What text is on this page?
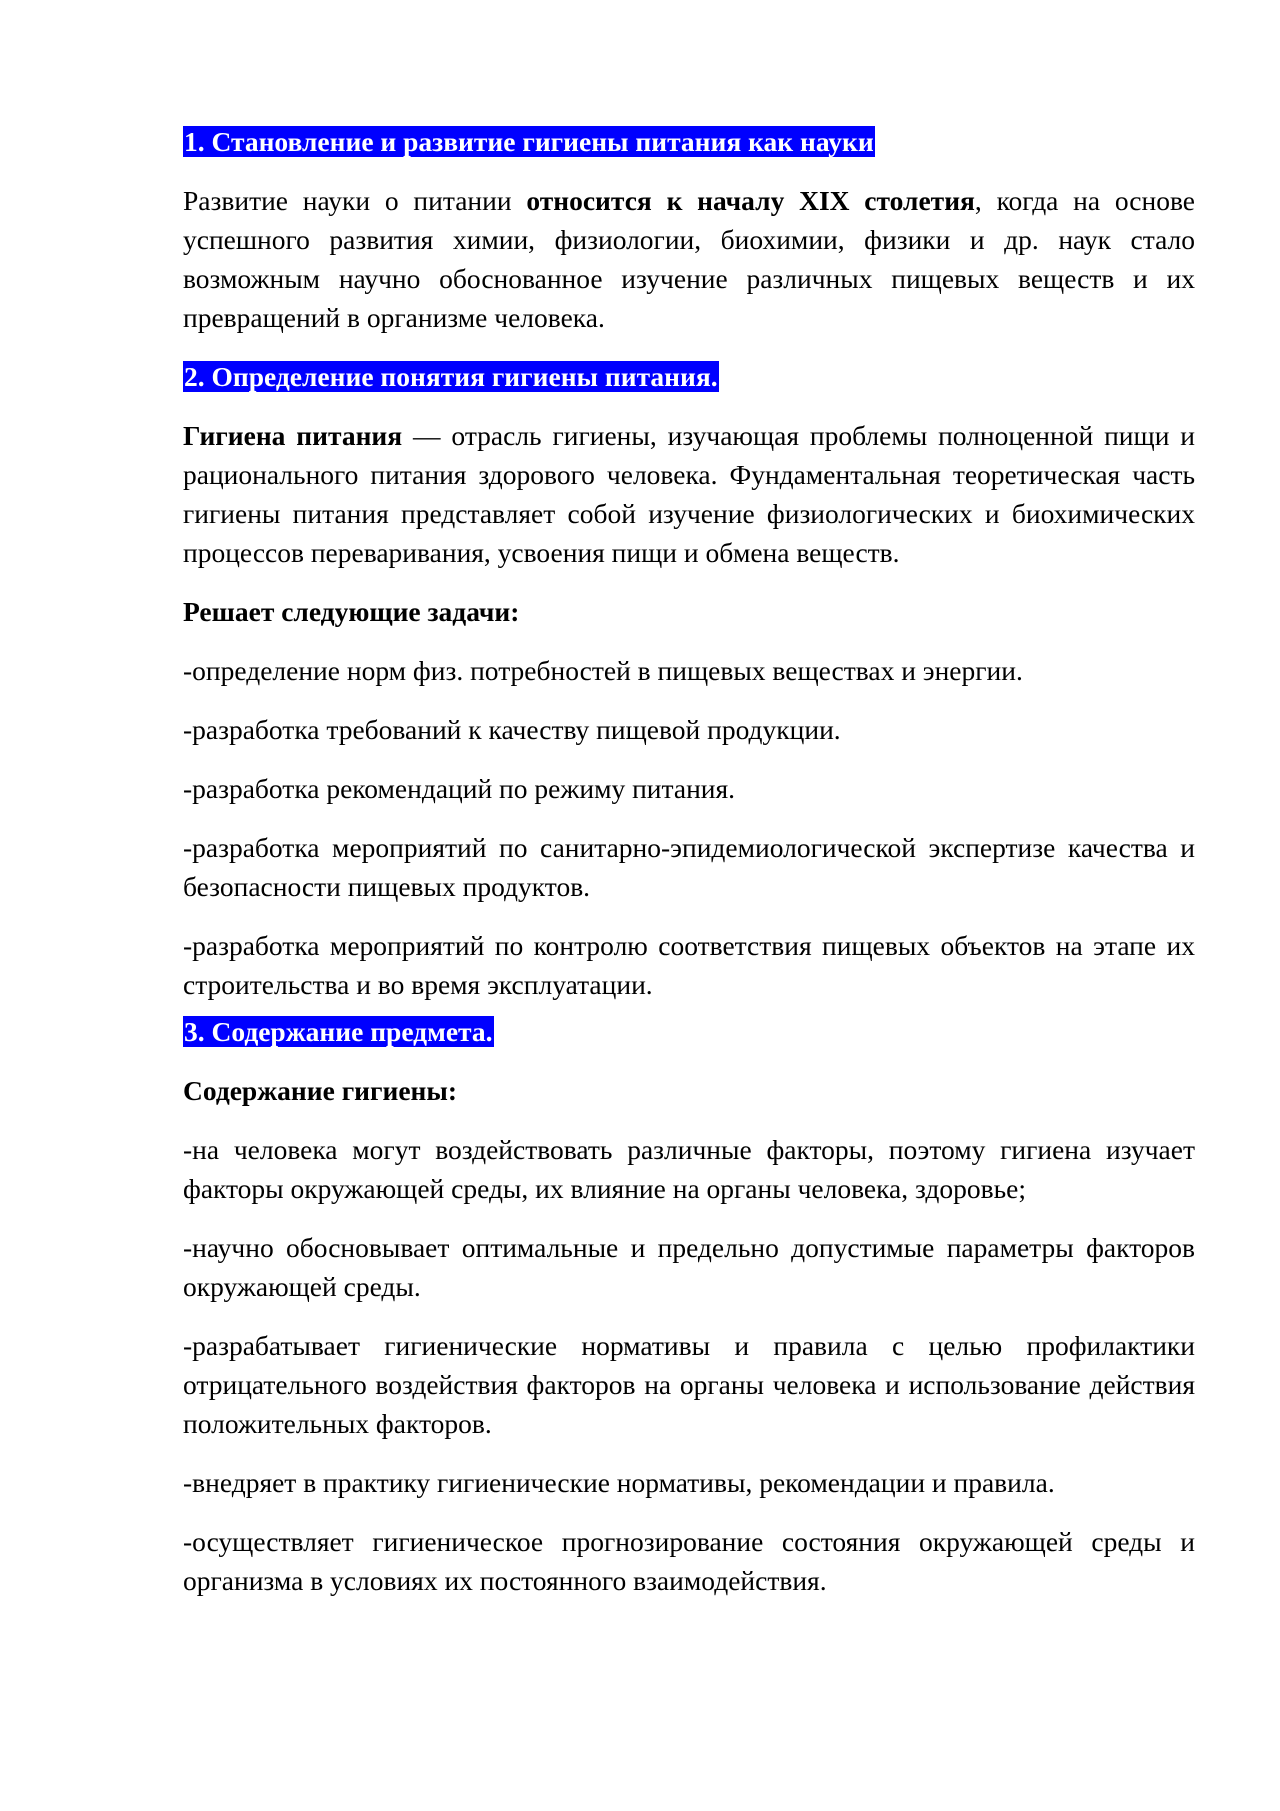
1. Становление и развитие гигиены питания как науки

Развитие науки о питании относится к началу XIX столетия, когда на основе успешного развития химии, физиологии, биохимии, физики и др. наук стало возможным научно обоснованное изучение различных пищевых веществ и их превращений в организме человека.

2. Определение понятия гигиены питания.

Гигиена питания — отрасль гигиены, изучающая проблемы полноценной пищи и рационального питания здорового человека. Фундаментальная теоретическая часть гигиены питания представляет собой изучение физиологических и биохимических процессов переваривания, усвоения пищи и обмена веществ.

Решает следующие задачи:

-определение норм физ. потребностей в пищевых веществах и энергии.

-разработка требований к качеству пищевой продукции.

-разработка рекомендаций по режиму питания.

-разработка мероприятий по санитарно-эпидемиологической экспертизе качества и безопасности пищевых продуктов.

-разработка мероприятий по контролю соответствия пищевых объектов на этапе их строительства и во время эксплуатации.

3. Содержание предмета.

Содержание гигиены:

-на человека могут воздействовать различные факторы, поэтому гигиена изучает факторы окружающей среды, их влияние на органы человека, здоровье;

-научно обосновывает оптимальные и предельно допустимые параметры факторов окружающей среды.

-разрабатывает гигиенические нормативы и правила с целью профилактики отрицательного воздействия факторов на органы человека и использование действия положительных факторов.

-внедряет в практику гигиенические нормативы, рекомендации и правила.

-осуществляет гигиеническое прогнозирование состояния окружающей среды и организма в условиях их постоянного взаимодействия.
